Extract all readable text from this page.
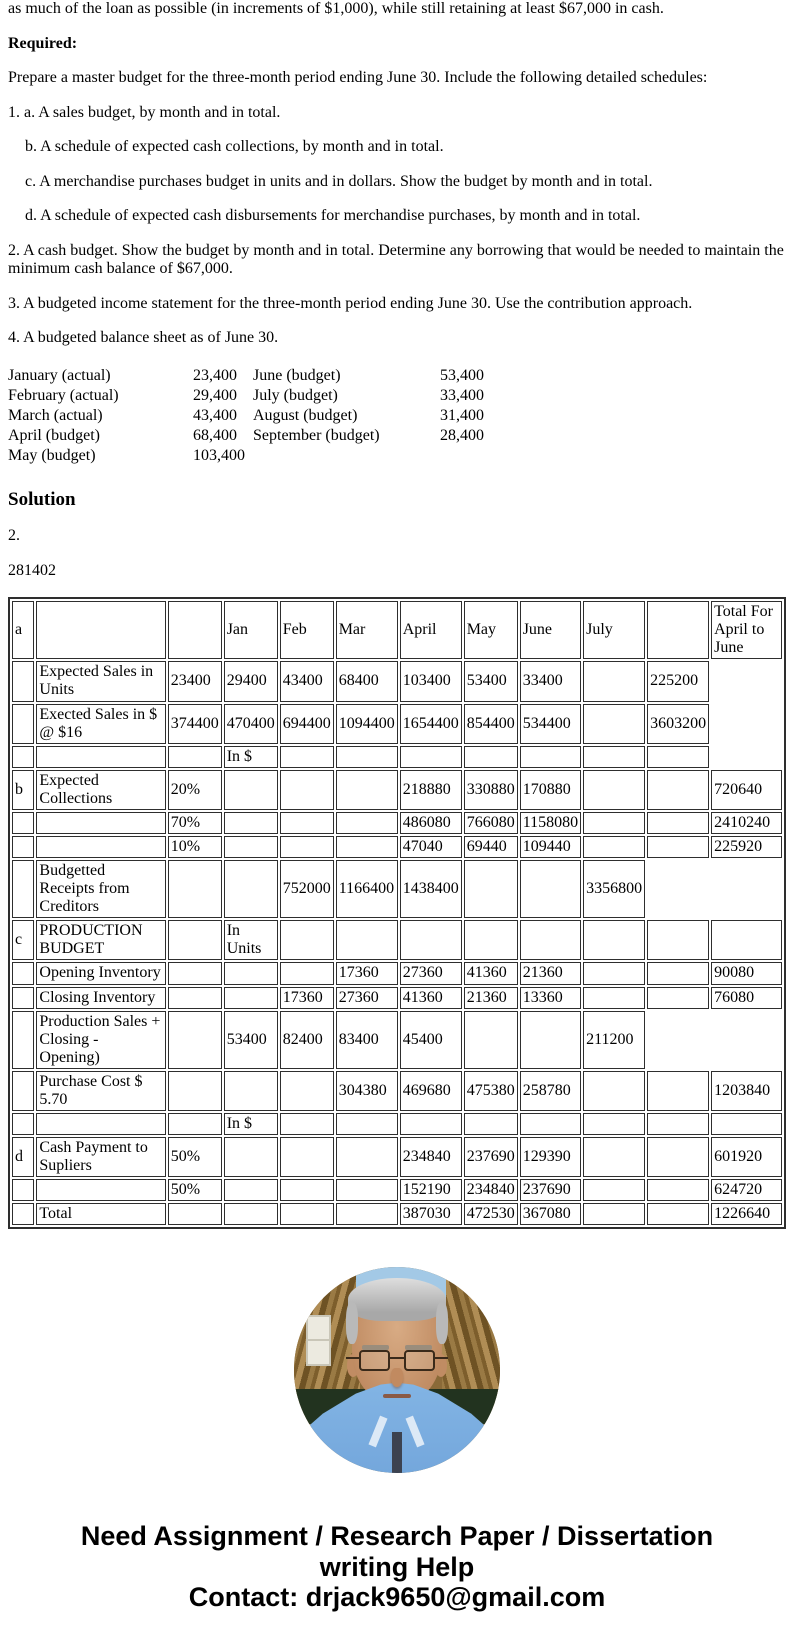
as much of the loan as possible (in increments of $1,000), while still retaining at least $67,000 in cash.

Required:

Prepare a master budget for the three-month period ending June 30. Include the following detailed schedules:

1. a. A sales budget, by month and in total.

b. A schedule of expected cash collections, by month and in total.

c. A merchandise purchases budget in units and in dollars. Show the budget by month and in total.

d. A schedule of expected cash disbursements for merchandise purchases, by month and in total.

2. A cash budget. Show the budget by month and in total. Determine any borrowing that would be needed to maintain the minimum cash balance of $67,000.

3. A budgeted income statement for the three-month period ending June 30. Use the contribution approach.

4. A budgeted balance sheet as of June 30.

January (actual)	23,400	June (budget)	53,400
February (actual)	29,400	July (budget)	33,400
March (actual)	43,400	August (budget)	31,400
April (budget)	68,400	September (budget)	28,400
May (budget)	103,400		
Solution

2.

281402

a			Jan	Feb	Mar	April	May	June	July		Total For April to June
	Expected Sales in Units	23400	29400	43400	68400	103400	53400	33400		225200	
	Exected Sales in $ @ $16	374400	470400	694400	1094400	1654400	854400	534400		3603200	
			In $								
b	Expected Collections	20%				218880	330880	170880			720640
		70%				486080	766080	1158080			2410240
		10%				47040	69440	109440			225920
	Budgetted Receipts from Creditors			752000	1166400	1438400			3356800		
c	PRODUCTION BUDGET		In Units								
	Opening Inventory				17360	27360	41360	21360			90080
	Closing Inventory			17360	27360	41360	21360	13360			76080
	Production Sales + Closing - Opening)		53400	82400	83400	45400			211200		
	Purchase Cost $ 5.70				304380	469680	475380	258780			1203840
			In $								
d	Cash Payment to Supliers	50%				234840	237690	129390			601920
		50%				152190	234840	237690			624720
	Total					387030	472530	367080			1226640
Need Assignment / Research Paper / Dissertation writing Help
Contact: drjack9650@gmail.com
